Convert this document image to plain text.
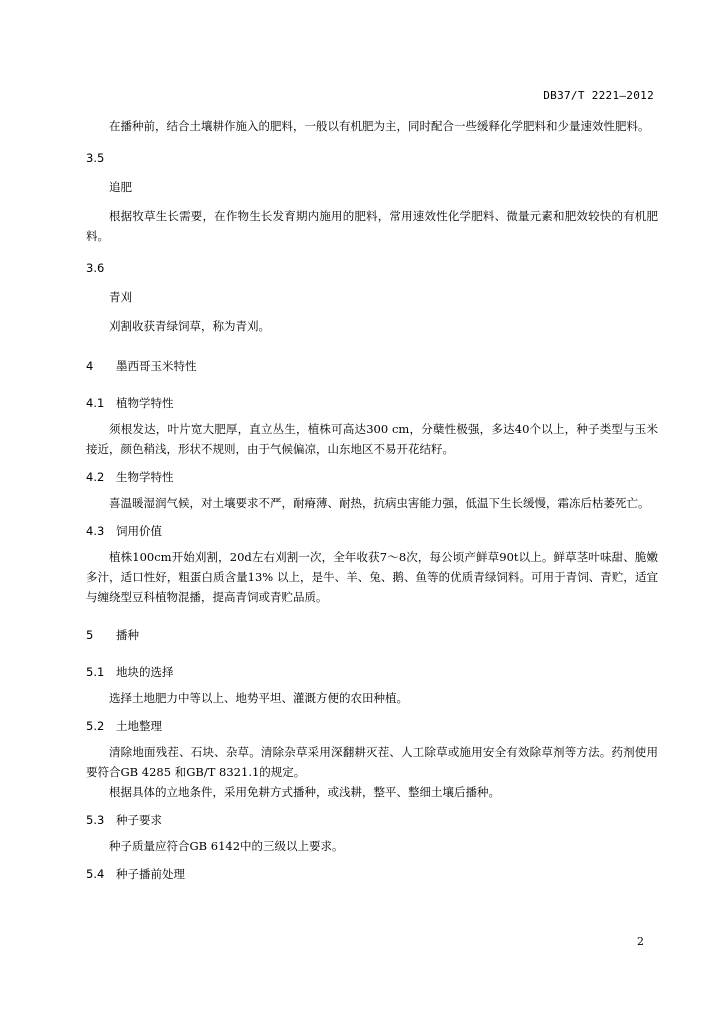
DB37/T 2221—2012

在播种前，结合土壤耕作施入的肥料，一般以有机肥为主，同时配合一些缓释化学肥料和少量速效性肥料。

3.5

追肥

根据牧草生长需要，在作物生长发育期内施用的肥料，常用速效性化学肥料、微量元素和肥效较快的有机肥料。

3.6

青刈

刈割收获青绿饲草，称为青刈。

4 墨西哥玉米特性

4.1 植物学特性

须根发达，叶片宽大肥厚，直立丛生，植株可高达300 cm，分蘖性极强，多达40个以上，种子类型与玉米接近，颜色稍浅，形状不规则，由于气候偏凉，山东地区不易开花结籽。

4.2 生物学特性

喜温暖湿润气候，对土壤要求不严，耐瘠薄、耐热，抗病虫害能力强，低温下生长缓慢，霜冻后枯萎死亡。

4.3 饲用价值

植株100cm开始刈割，20d左右刈割一次，全年收获7～8次，每公顷产鲜草90t以上。鲜草茎叶味甜、脆嫩多汁，适口性好，粗蛋白质含量13% 以上，是牛、羊、兔、鹅、鱼等的优质青绿饲料。可用于青饲、青贮，适宜与缠绕型豆科植物混播，提高青饲或青贮品质。

5 播种

5.1 地块的选择

选择土地肥力中等以上、地势平坦、灌溉方便的农田种植。

5.2 土地整理

清除地面残茬、石块、杂草。清除杂草采用深翻耕灭茬、人工除草或施用安全有效除草剂等方法。药剂使用要符合GB 4285 和GB/T 8321.1的规定。

根据具体的立地条件，采用免耕方式播种，或浅耕，整平、整细土壤后播种。

5.3 种子要求

种子质量应符合GB 6142中的三级以上要求。

5.4 种子播前处理

2
